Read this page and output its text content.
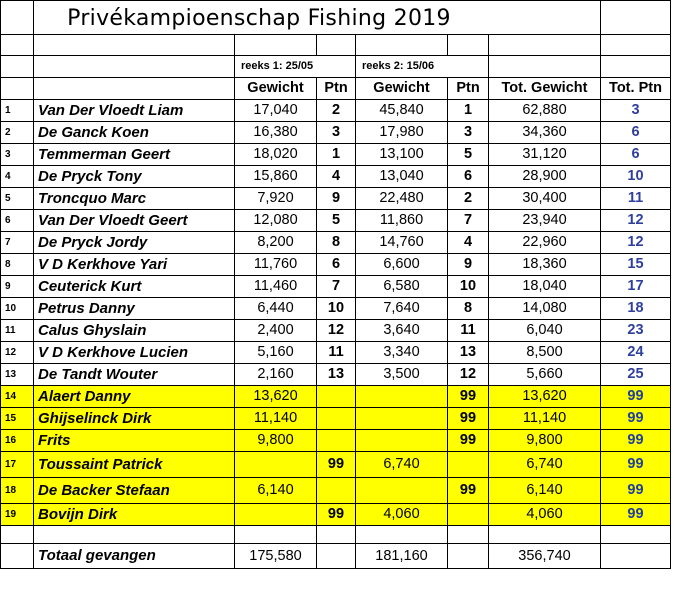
		reeks 1: 25/05		reeks 2: 15/06			
		Gewicht	Ptn	Gewicht	Ptn	Tot. Gewicht	Tot. Ptn
1	Van Der Vloedt Liam	17,040	2	45,840	1	62,880	3
2	De Ganck Koen	16,380	3	17,980	3	34,360	6
3	Temmerman Geert	18,020	1	13,100	5	31,120	6
4	De Pryck Tony	15,860	4	13,040	6	28,900	10
5	Troncquo Marc	7,920	9	22,480	2	30,400	11
6	Van Der Vloedt Geert	12,080	5	11,860	7	23,940	12
7	De Pryck Jordy	8,200	8	14,760	4	22,960	12
8	V D Kerkhove Yari	11,760	6	6,600	9	18,360	15
9	Ceuterick Kurt	11,460	7	6,580	10	18,040	17
10	Petrus Danny	6,440	10	7,640	8	14,080	18
11	Calus Ghyslain	2,400	12	3,640	11	6,040	23
12	V D Kerkhove Lucien	5,160	11	3,340	13	8,500	24
13	De Tandt Wouter	2,160	13	3,500	12	5,660	25
14	Alaert Danny	13,620			99	13,620	99
15	Ghijselinck Dirk	11,140			99	11,140	99
16	Frits	9,800			99	9,800	99
17	Toussaint Patrick		99	6,740		6,740	99
18	De Backer Stefaan	6,140			99	6,140	99
19	Bovijn Dirk		99	4,060		4,060	99

	Totaal gevangen	175,580		181,160		356,740	
Privékampioenschap Fishing 2019
